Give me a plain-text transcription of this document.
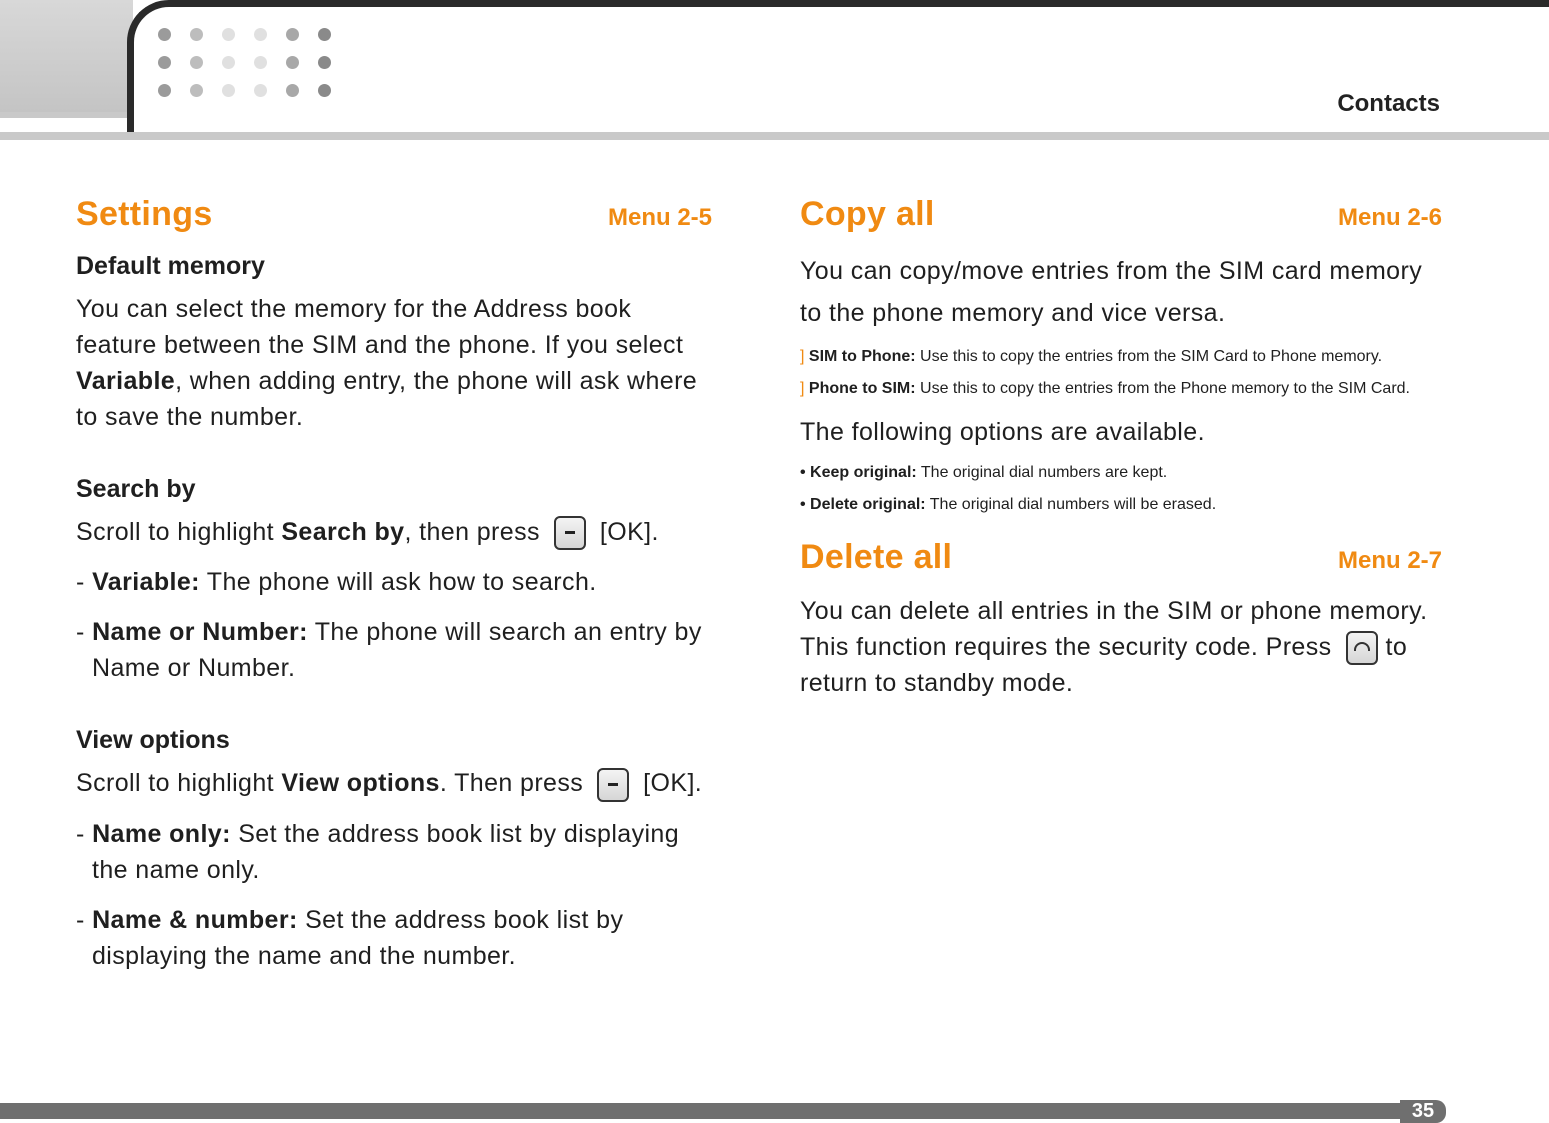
Contacts
Settings	Menu 2-5
Default memory

You can select the memory for the Address book feature between the SIM and the phone. If you select Variable, when adding entry, the phone will ask where to save the number.

Search by

Scroll to highlight Search by, then press [OK].

- Variable: The phone will ask how to search.
- Name or Number: The phone will search an entry by Name or Number.
View options

Scroll to highlight View options. Then press [OK].

- Name only: Set the address book list by displaying the name only.
- Name & number: Set the address book list by displaying the name and the number.
Copy all	Menu 2-6

You can copy/move entries from the SIM card memory to the phone memory and vice versa.

] SIM to Phone: Use this to copy the entries from the SIM Card to Phone memory.
] Phone to SIM: Use this to copy the entries from the Phone memory to the SIM Card.

The following options are available.

• Keep original: The original dial numbers are kept.
• Delete original: The original dial numbers will be erased.
Delete all	Menu 2-7

You can delete all entries in the SIM or phone memory. This function requires the security code. Press to return to standby mode.

35
